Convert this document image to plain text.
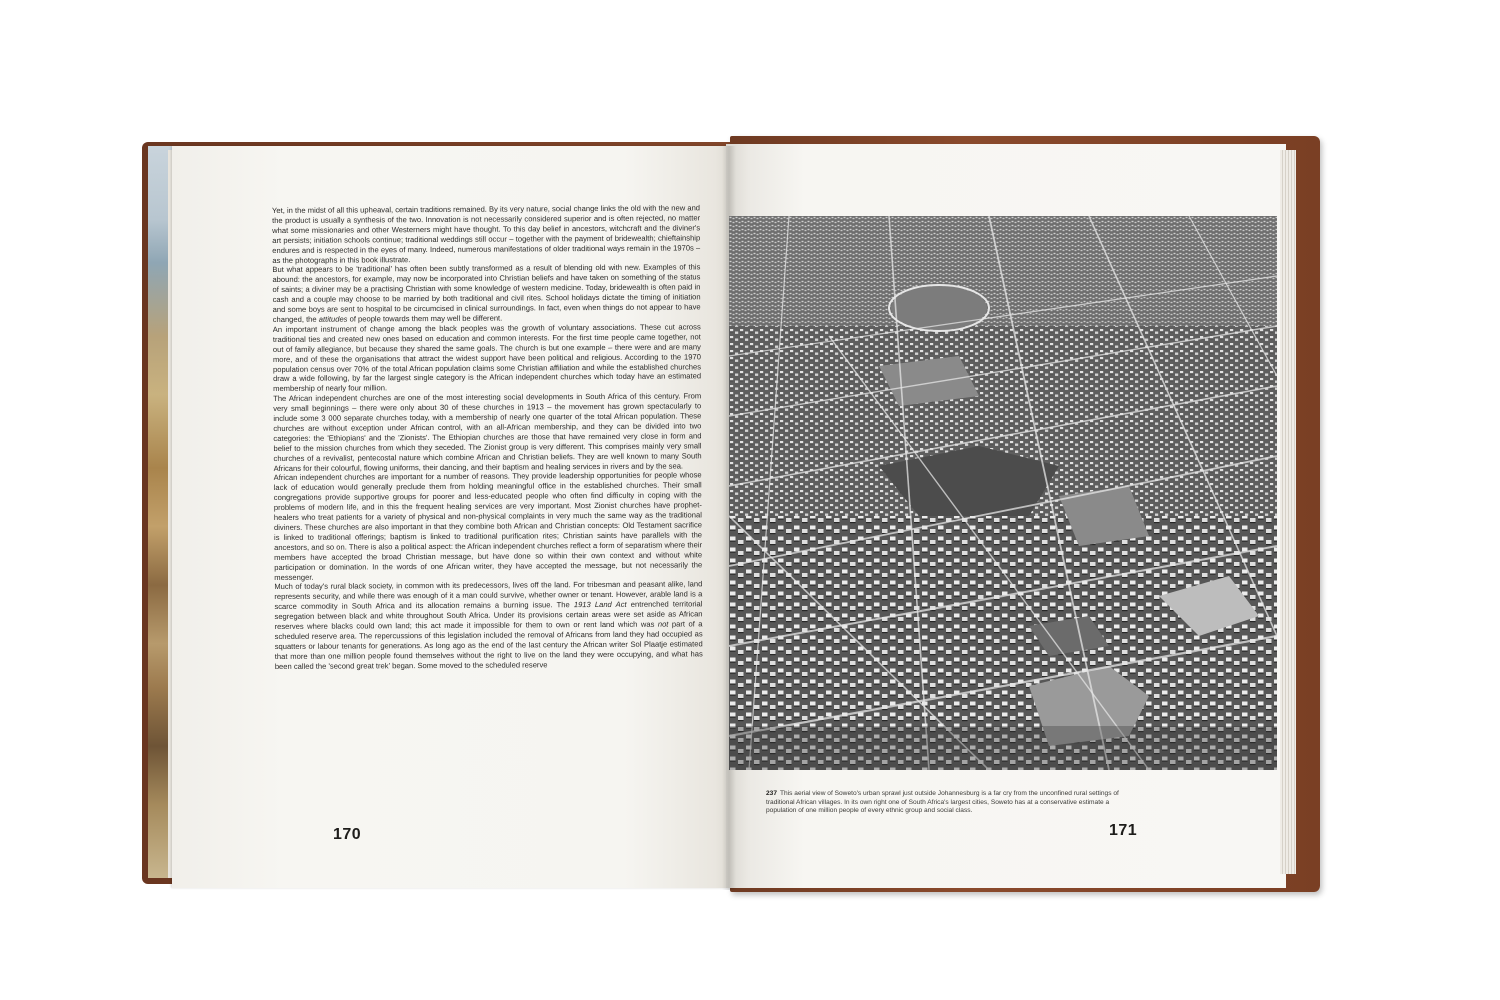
Yet, in the midst of all this upheaval, certain traditions remained. By its very nature, social change links the old with the new and the product is usually a synthesis of the two. Innovation is not necessarily considered superior and is often rejected, no matter what some missionaries and other Westerners might have thought. To this day belief in ancestors, witchcraft and the diviner's art persists; initiation schools continue; traditional weddings still occur – together with the payment of bridewealth; chieftainship endures and is respected in the eyes of many. Indeed, numerous manifestations of older traditional ways remain in the 1970s – as the photographs in this book illustrate.

But what appears to be 'traditional' has often been subtly transformed as a result of blending old with new. Examples of this abound: the ancestors, for example, may now be incorporated into Christian beliefs and have taken on something of the status of saints; a diviner may be a practising Christian with some knowledge of western medicine. Today, bridewealth is often paid in cash and a couple may choose to be married by both traditional and civil rites. School holidays dictate the timing of initiation and some boys are sent to hospital to be circumcised in clinical surroundings. In fact, even when things do not appear to have changed, the attitudes of people towards them may well be different.

An important instrument of change among the black peoples was the growth of voluntary associations. These cut across traditional ties and created new ones based on education and common interests. For the first time people came together, not out of family allegiance, but because they shared the same goals. The church is but one example – there were and are many more, and of these the organisations that attract the widest support have been political and religious. According to the 1970 population census over 70% of the total African population claims some Christian affiliation and while the established churches draw a wide following, by far the largest single category is the African independent churches which today have an estimated membership of nearly four million.

The African independent churches are one of the most interesting social developments in South Africa of this century. From very small beginnings – there were only about 30 of these churches in 1913 – the movement has grown spectacularly to include some 3 000 separate churches today, with a membership of nearly one quarter of the total African population. These churches are without exception under African control, with an all-African membership, and they can be divided into two categories: the 'Ethiopians' and the 'Zionists'. The Ethiopian churches are those that have remained very close in form and belief to the mission churches from which they seceded. The Zionist group is very different. This comprises mainly very small churches of a revivalist, pentecostal nature which combine African and Christian beliefs. They are well known to many South Africans for their colourful, flowing uniforms, their dancing, and their baptism and healing services in rivers and by the sea.

African independent churches are important for a number of reasons. They provide leadership opportunities for people whose lack of education would generally preclude them from holding meaningful office in the established churches. Their small congregations provide supportive groups for poorer and less-educated people who often find difficulty in coping with the problems of modern life, and in this the frequent healing services are very important. Most Zionist churches have prophet-healers who treat patients for a variety of physical and non-physical complaints in very much the same way as the traditional diviners. These churches are also important in that they combine both African and Christian concepts: Old Testament sacrifice is linked to traditional offerings; baptism is linked to traditional purification rites; Christian saints have parallels with the ancestors, and so on. There is also a political aspect: the African independent churches reflect a form of separatism where their members have accepted the broad Christian message, but have done so within their own context and without white participation or domination. In the words of one African writer, they have accepted the message, but not necessarily the messenger.

Much of today's rural black society, in common with its predecessors, lives off the land. For tribesman and peasant alike, land represents security, and while there was enough of it a man could survive, whether owner or tenant. However, arable land is a scarce commodity in South Africa and its allocation remains a burning issue. The 1913 Land Act entrenched territorial segregation between black and white throughout South Africa. Under its provisions certain areas were set aside as African reserves where blacks could own land; this act made it impossible for them to own or rent land which was not part of a scheduled reserve area. The repercussions of this legislation included the removal of Africans from land they had occupied as squatters or labour tenants for generations. As long ago as the end of the last century the African writer Sol Plaatje estimated that more than one million people found themselves without the right to live on the land they were occupying, and what has been called the 'second great trek' began. Some moved to the scheduled reserve

170
237 This aerial view of Soweto's urban sprawl just outside Johannesburg is a far cry from the unconfined rural settings of traditional African villages. In its own right one of South Africa's largest cities, Soweto has at a conservative estimate a population of one million people of every ethnic group and social class.
171
